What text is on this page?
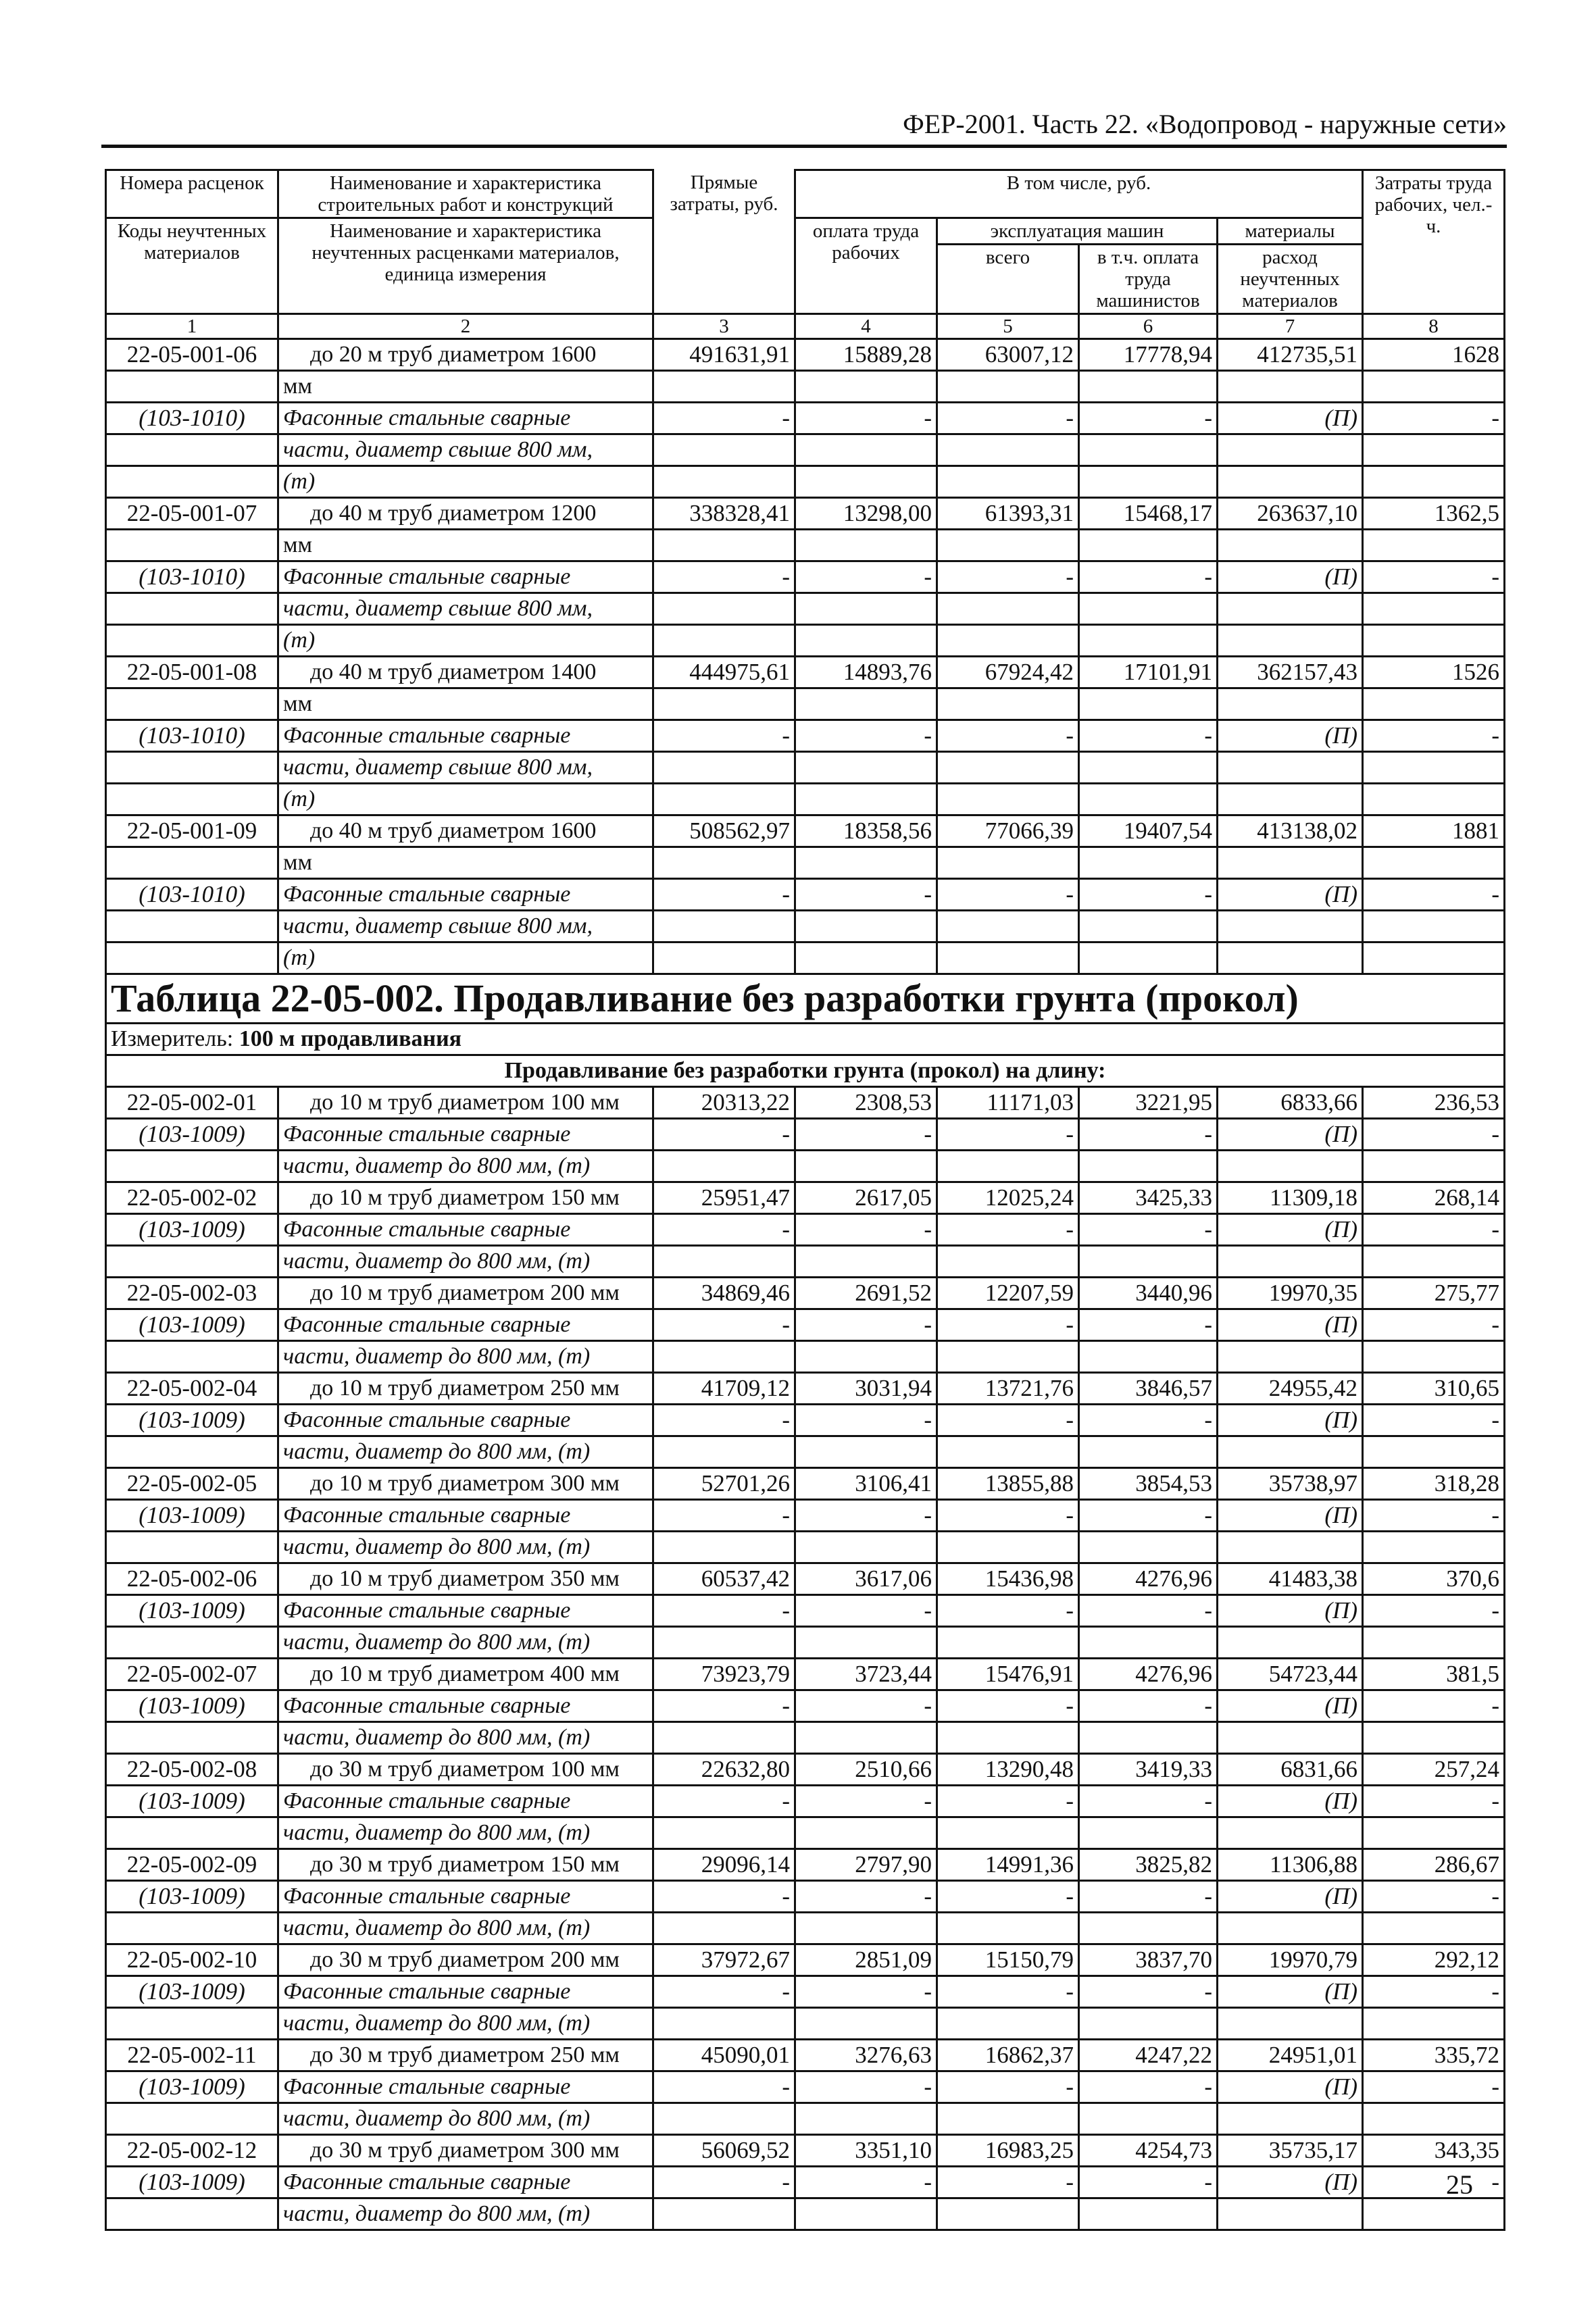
ФЕР-2001. Часть 22. «Водопровод - наружные сети»
Номера расценок	Наименование и характеристика строительных работ и конструкций	Прямые затраты, руб.	В том числе, руб.				Затраты труда рабочих, чел.-ч.
Коды неучтенных материалов	Наименование и характеристика неучтенных расценками материалов, единица измерения		оплата труда рабочих	эксплуатация машин		материалы	
				всего	в т.ч. оплата труда машинистов	расход неучтенных материалов	
1	2	3	4	5	6	7	8
22-05-001-06	до 20 м труб диаметром 1600	491631,91	15889,28	63007,12	17778,94	412735,51	1628
	мм						
(103-1010)	Фасонные стальные сварные	-	-	-	-	(П)	-
	части, диаметр свыше 800 мм,						
	(т)						
22-05-001-07	до 40 м труб диаметром 1200	338328,41	13298,00	61393,31	15468,17	263637,10	1362,5
	мм						
(103-1010)	Фасонные стальные сварные	-	-	-	-	(П)	-
	части, диаметр свыше 800 мм,						
	(т)						
22-05-001-08	до 40 м труб диаметром 1400	444975,61	14893,76	67924,42	17101,91	362157,43	1526
	мм						
(103-1010)	Фасонные стальные сварные	-	-	-	-	(П)	-
	части, диаметр свыше 800 мм,						
	(т)						
22-05-001-09	до 40 м труб диаметром 1600	508562,97	18358,56	77066,39	19407,54	413138,02	1881
	мм						
(103-1010)	Фасонные стальные сварные	-	-	-	-	(П)	-
	части, диаметр свыше 800 мм,						
	(т)						
Таблица 22-05-002. Продавливание без разработки грунта (прокол)							
Измеритель: 100 м продавливания							
Продавливание без разработки грунта (прокол) на длину:							
22-05-002-01	до 10 м труб диаметром 100 мм	20313,22	2308,53	11171,03	3221,95	6833,66	236,53
(103-1009)	Фасонные стальные сварные	-	-	-	-	(П)	-
	части, диаметр до 800 мм, (т)						
22-05-002-02	до 10 м труб диаметром 150 мм	25951,47	2617,05	12025,24	3425,33	11309,18	268,14
(103-1009)	Фасонные стальные сварные	-	-	-	-	(П)	-
	части, диаметр до 800 мм, (т)						
22-05-002-03	до 10 м труб диаметром 200 мм	34869,46	2691,52	12207,59	3440,96	19970,35	275,77
(103-1009)	Фасонные стальные сварные	-	-	-	-	(П)	-
	части, диаметр до 800 мм, (т)						
22-05-002-04	до 10 м труб диаметром 250 мм	41709,12	3031,94	13721,76	3846,57	24955,42	310,65
(103-1009)	Фасонные стальные сварные	-	-	-	-	(П)	-
	части, диаметр до 800 мм, (т)						
22-05-002-05	до 10 м труб диаметром 300 мм	52701,26	3106,41	13855,88	3854,53	35738,97	318,28
(103-1009)	Фасонные стальные сварные	-	-	-	-	(П)	-
	части, диаметр до 800 мм, (т)						
22-05-002-06	до 10 м труб диаметром 350 мм	60537,42	3617,06	15436,98	4276,96	41483,38	370,6
(103-1009)	Фасонные стальные сварные	-	-	-	-	(П)	-
	части, диаметр до 800 мм, (т)						
22-05-002-07	до 10 м труб диаметром 400 мм	73923,79	3723,44	15476,91	4276,96	54723,44	381,5
(103-1009)	Фасонные стальные сварные	-	-	-	-	(П)	-
	части, диаметр до 800 мм, (т)						
22-05-002-08	до 30 м труб диаметром 100 мм	22632,80	2510,66	13290,48	3419,33	6831,66	257,24
(103-1009)	Фасонные стальные сварные	-	-	-	-	(П)	-
	части, диаметр до 800 мм, (т)						
22-05-002-09	до 30 м труб диаметром 150 мм	29096,14	2797,90	14991,36	3825,82	11306,88	286,67
(103-1009)	Фасонные стальные сварные	-	-	-	-	(П)	-
	части, диаметр до 800 мм, (т)						
22-05-002-10	до 30 м труб диаметром 200 мм	37972,67	2851,09	15150,79	3837,70	19970,79	292,12
(103-1009)	Фасонные стальные сварные	-	-	-	-	(П)	-
	части, диаметр до 800 мм, (т)						
22-05-002-11	до 30 м труб диаметром 250 мм	45090,01	3276,63	16862,37	4247,22	24951,01	335,72
(103-1009)	Фасонные стальные сварные	-	-	-	-	(П)	-
	части, диаметр до 800 мм, (т)						
22-05-002-12	до 30 м труб диаметром 300 мм	56069,52	3351,10	16983,25	4254,73	35735,17	343,35
(103-1009)	Фасонные стальные сварные	-	-	-	-	(П)	-
	части, диаметр до 800 мм, (т)						
25
